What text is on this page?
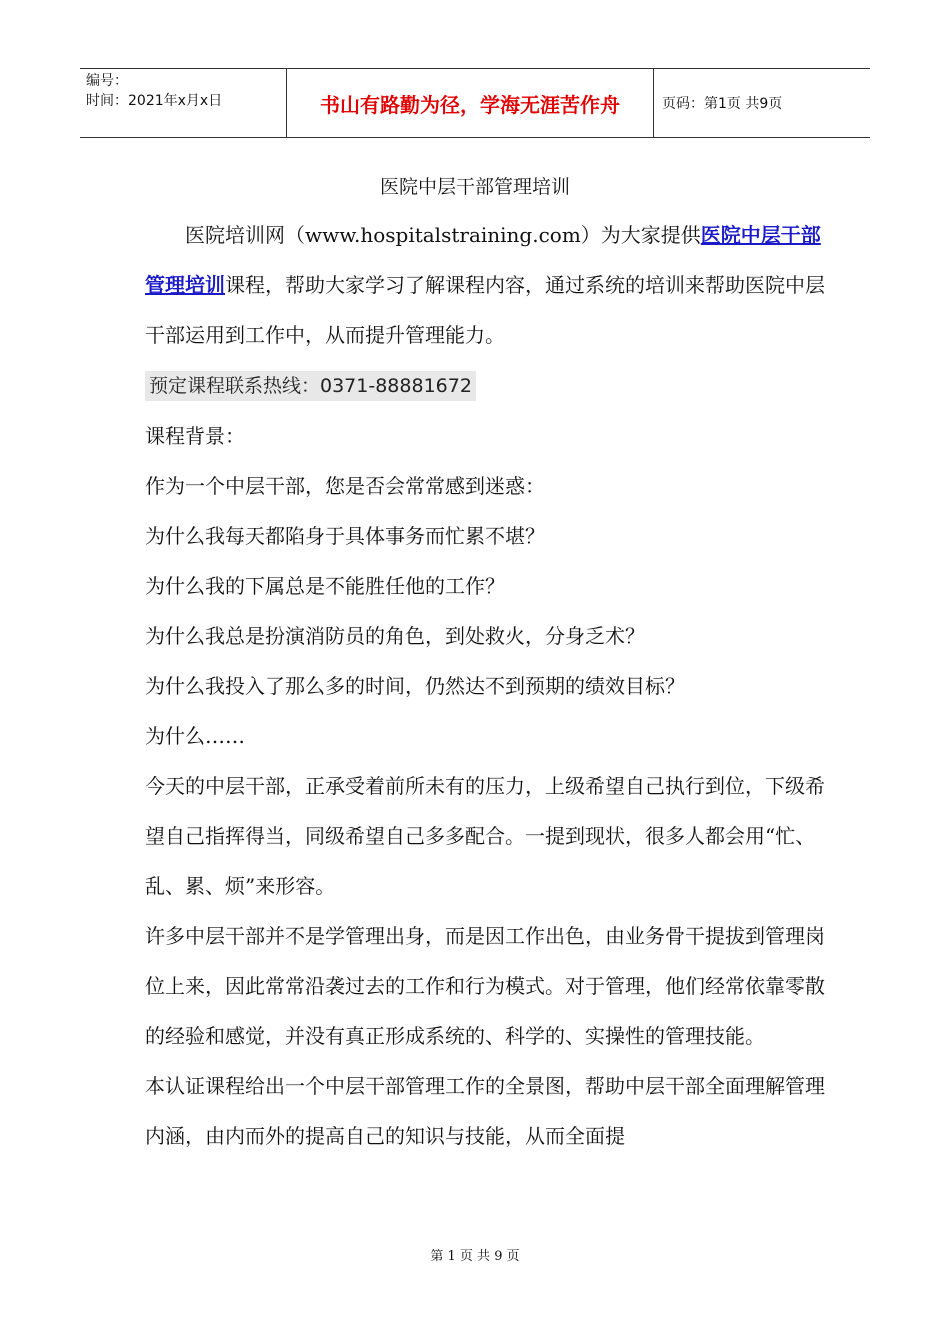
编号：
时间：2021年x月x日	书山有路勤为径，学海无涯苦作舟	页码：第1页 共9页
医院中层干部管理培训

医院培训网（www.hospitalstraining.com）为大家提供医院中层干部管理培训课程，帮助大家学习了解课程内容，通过系统的培训来帮助医院中层干部运用到工作中，从而提升管理能力。

预定课程联系热线：0371-88881672

课程背景：

作为一个中层干部，您是否会常常感到迷惑：

为什么我每天都陷身于具体事务而忙累不堪？

为什么我的下属总是不能胜任他的工作？

为什么我总是扮演消防员的角色，到处救火，分身乏术？

为什么我投入了那么多的时间，仍然达不到预期的绩效目标？

为什么……

今天的中层干部，正承受着前所未有的压力，上级希望自己执行到位，下级希望自己指挥得当，同级希望自己多多配合。一提到现状，很多人都会用“忙、乱、累、烦”来形容。

许多中层干部并不是学管理出身，而是因工作出色，由业务骨干提拔到管理岗位上来，因此常常沿袭过去的工作和行为模式。对于管理，他们经常依靠零散的经验和感觉，并没有真正形成系统的、科学的、实操性的管理技能。

本认证课程给出一个中层干部管理工作的全景图，帮助中层干部全面理解管理内涵，由内而外的提高自己的知识与技能，从而全面提

第 1 页 共 9 页
